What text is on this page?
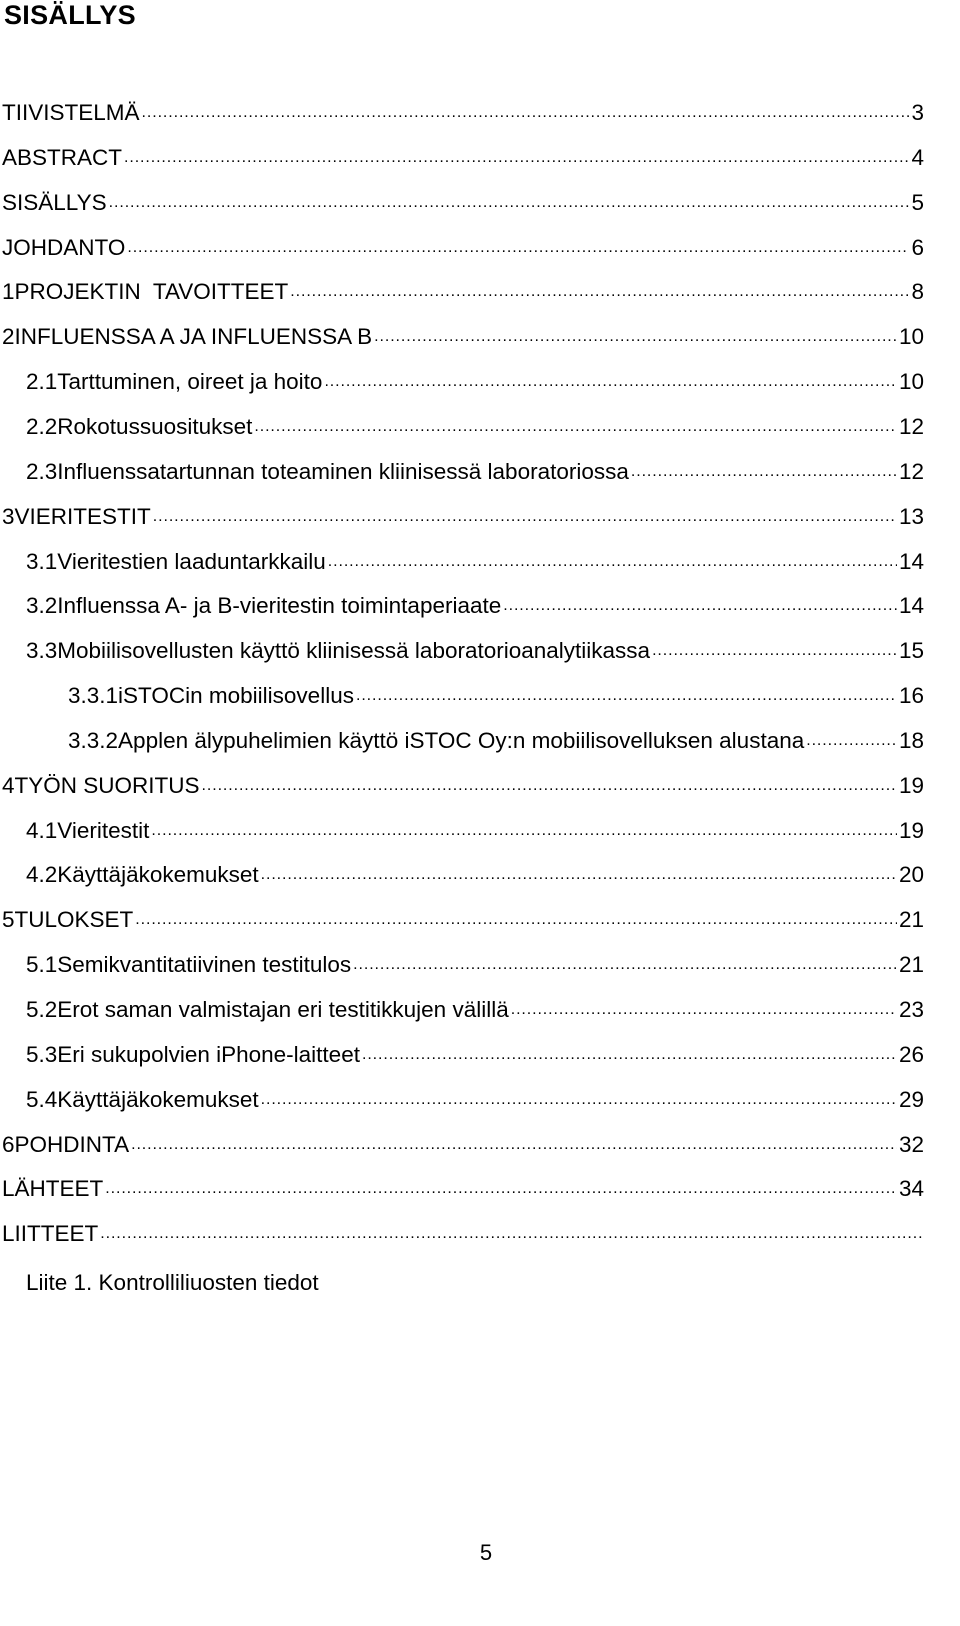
SISÄLLYS
TIIVISTELMÄ .....	3
ABSTRACT .....	4
SISÄLLYS .....	5
JOHDANTO .....	6
1 PROJEKTIN  TAVOITTEET .....	8
2 INFLUENSSA A JA INFLUENSSA B .....	10
2.1 Tarttuminen, oireet ja hoito .....	10
2.2 Rokotussuositukset .....	12
2.3 Influenssatartunnan toteaminen kliinisessä laboratoriossa .....	12
3 VIERITESTIT .....	13
3.1 Vieritestien laaduntarkkailu .....	14
3.2 Influenssa A- ja B-vieritestin toimintaperiaate .....	14
3.3 Mobiilisovellusten käyttö kliinisessä laboratorioanalytiikassa .....	15
3.3.1 iSTOCin mobiilisovellus .....	16
3.3.2 Applen älypuhelimien käyttö iSTOC Oy:n mobiilisovelluksen alustana .....	18
4 TYÖN SUORITUS .....	19
4.1 Vieritestit .....	19
4.2 Käyttäjäkokemukset .....	20
5 TULOKSET .....	21
5.1 Semikvantitatiivinen testitulos .....	21
5.2 Erot saman valmistajan eri testitikkujen välillä .....	23
5.3 Eri sukupolvien iPhone-laitteet .....	26
5.4 Käyttäjäkokemukset .....	29
6 POHDINTA .....	32
LÄHTEET .....	34
LIITTEET
.....
Liite 1. Kontrolliliuosten tiedot
5
